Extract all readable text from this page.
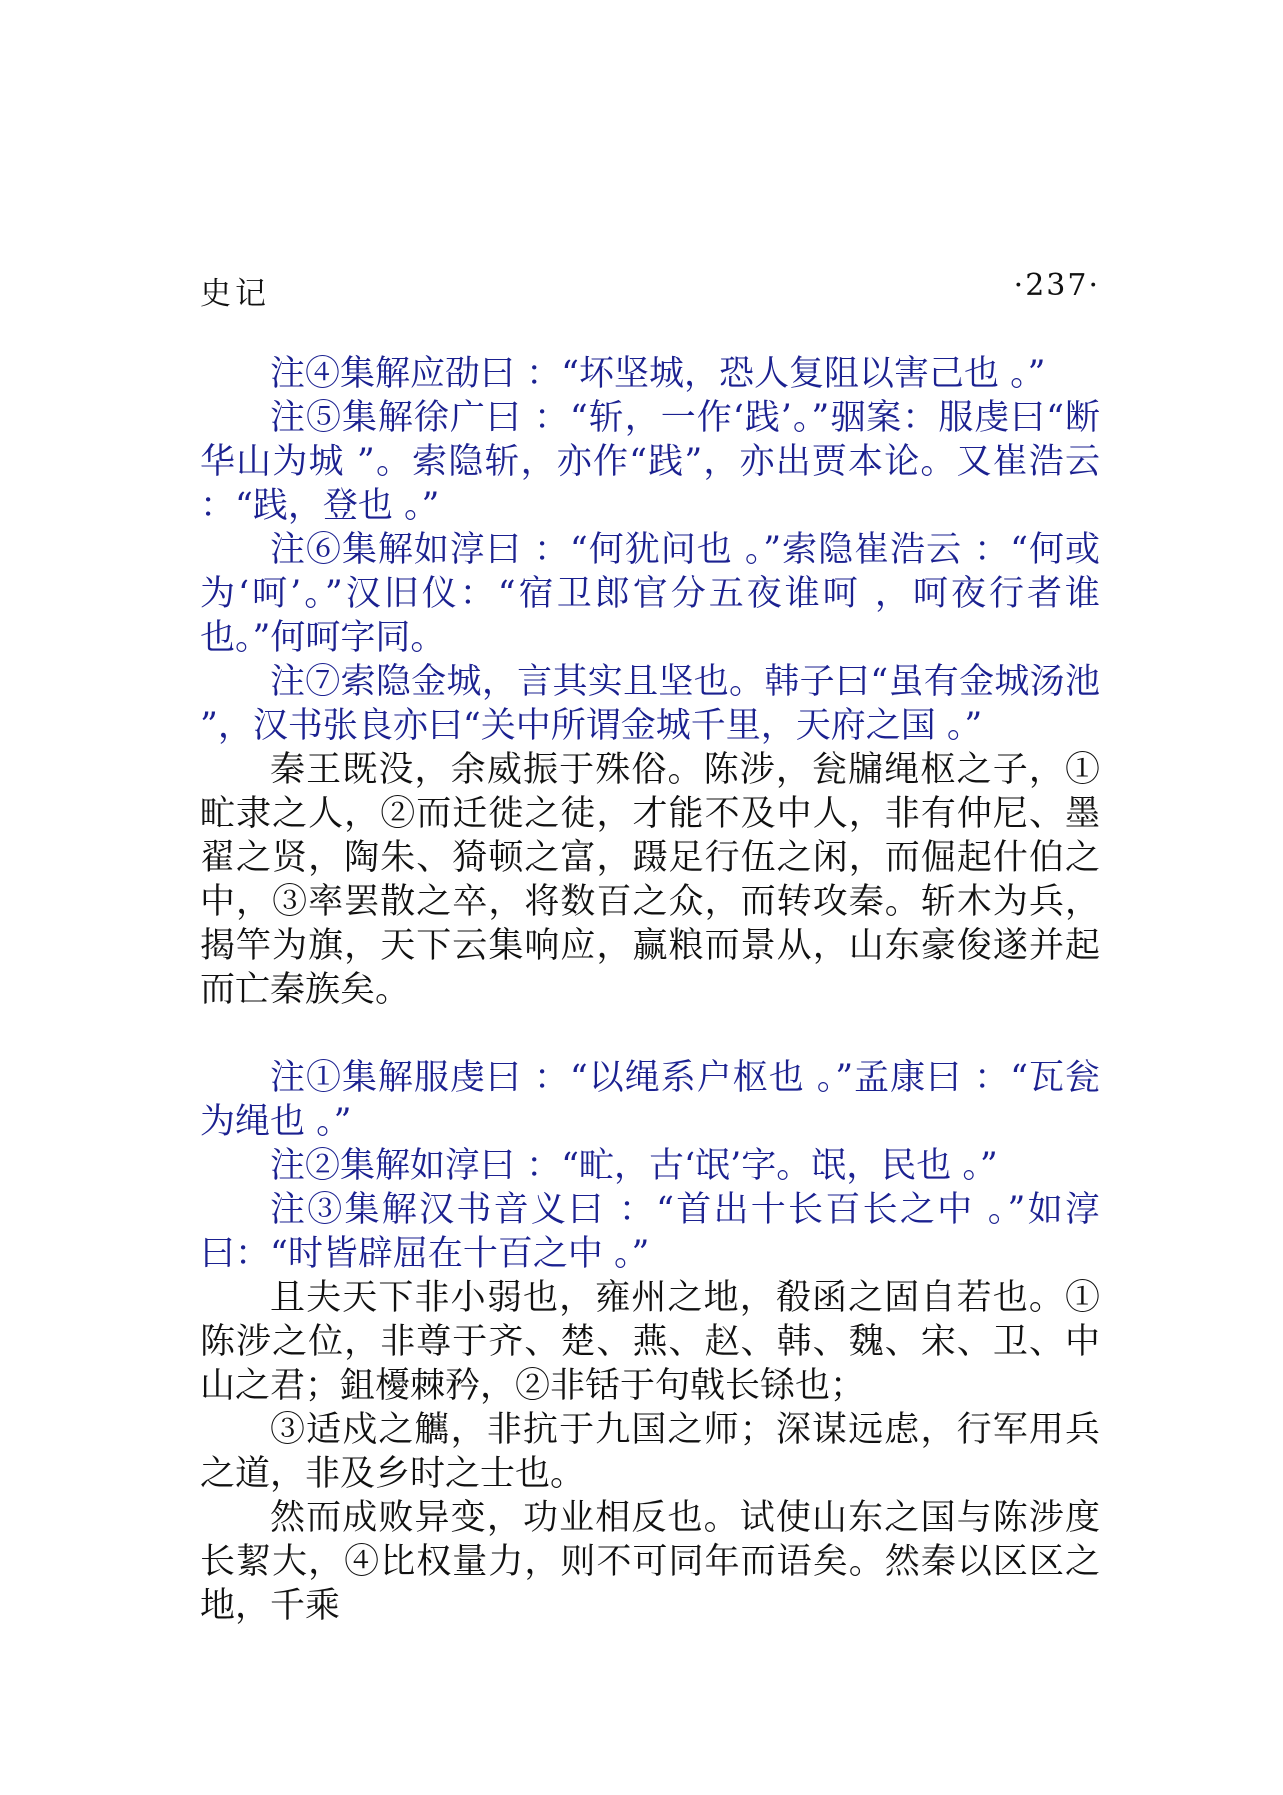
史记	·237·

注④集解应劭曰 ：“坏坚城，恐人复阻以害己也 。”

注⑤集解徐广曰 ：“斩，一作‘践’。”骃案：服虔曰“断华山为城 ”。索隐斩，亦作“践”，亦出贾本论。又崔浩云 ：“践，登也 。”

注⑥集解如淳曰 ：“何犹问也 。”索隐崔浩云 ：“何或为‘呵’。”汉旧仪：“宿卫郎官分五夜谁呵 ，呵夜行者谁也。”何呵字同。

注⑦索隐金城，言其实且坚也。韩子曰“虽有金城汤池 ”，汉书张良亦曰“关中所谓金城千里，天府之国 。”

秦王既没，余威振于殊俗。陈涉，瓮牖绳枢之子，①甿隶之人，②而迁徙之徒，才能不及中人，非有仲尼、墨翟之贤，陶朱、猗顿之富，蹑足行伍之闲，而倔起什伯之中，③率罢散之卒，将数百之众，而转攻秦。斩木为兵，揭竿为旗，天下云集响应，赢粮而景从，山东豪俊遂并起而亡秦族矣。

注①集解服虔曰 ：“以绳系户枢也 。”孟康曰 ：“瓦瓮为绳也 。”

注②集解如淳曰 ：“甿，古‘氓’字。氓，民也 。”

注③集解汉书音义曰 ：“首出十长百长之中 。”如淳曰：“时皆辟屈在十百之中 。”

且夫天下非小弱也，雍州之地，殽函之固自若也。①陈涉之位，非尊于齐、楚、燕、赵、韩、魏、宋、卫、中山之君；鉏櫌棘矜，②非铦于句戟长铩也；

③适戍之觽，非抗于九国之师；深谋远虑，行军用兵之道，非及乡时之士也。

然而成败异变，功业相反也。试使山东之国与陈涉度长絜大，④比权量力，则不可同年而语矣。然秦以区区之地，千乘
